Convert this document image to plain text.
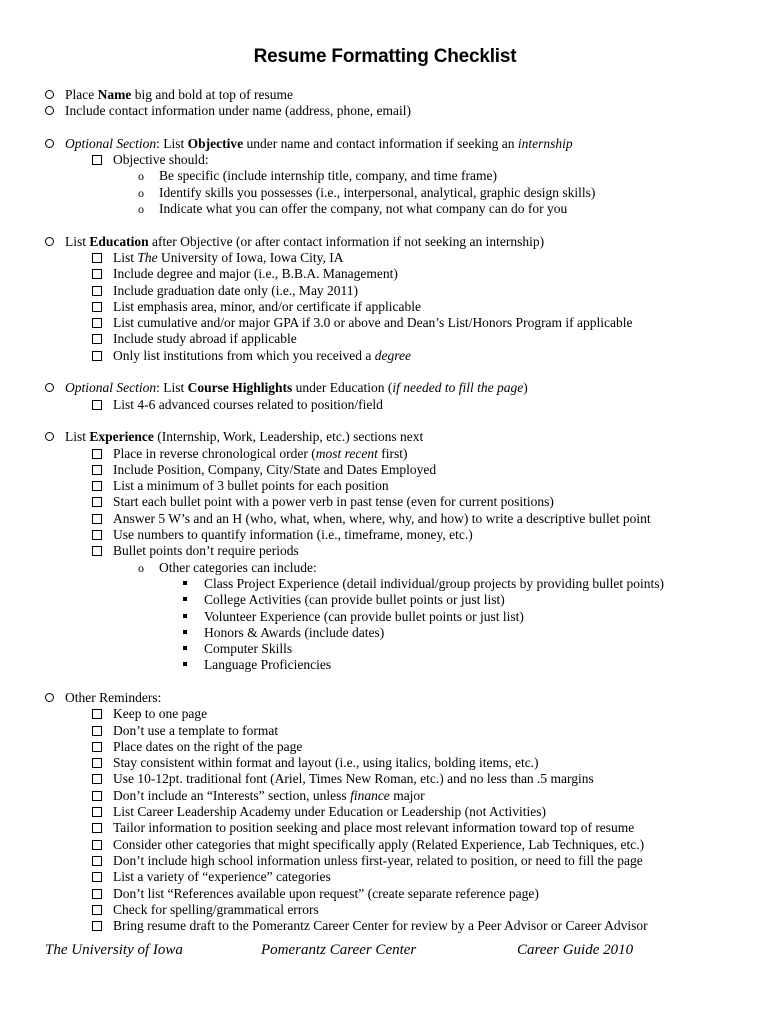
Resume Formatting Checklist
Place Name big and bold at top of resume
Include contact information under name (address, phone, email)
Optional Section: List Objective under name and contact information if seeking an internship
Objective should:
o Be specific (include internship title, company, and time frame)
o Identify skills you possesses (i.e., interpersonal, analytical, graphic design skills)
o Indicate what you can offer the company, not what company can do for you
List Education after Objective (or after contact information if not seeking an internship)
List The University of Iowa, Iowa City, IA
Include degree and major (i.e., B.B.A. Management)
Include graduation date only (i.e., May 2011)
List emphasis area, minor, and/or certificate if applicable
List cumulative and/or major GPA if 3.0 or above and Dean’s List/Honors Program if applicable
Include study abroad if applicable
Only list institutions from which you received a degree
Optional Section: List Course Highlights under Education (if needed to fill the page)
List 4-6 advanced courses related to position/field
List Experience (Internship, Work, Leadership, etc.) sections next
Place in reverse chronological order (most recent first)
Include Position, Company, City/State and Dates Employed
List a minimum of 3 bullet points for each position
Start each bullet point with a power verb in past tense (even for current positions)
Answer 5 W’s and an H (who, what, when, where, why, and how) to write a descriptive bullet point
Use numbers to quantify information (i.e., timeframe, money, etc.)
Bullet points don’t require periods
o Other categories can include:
Class Project Experience (detail individual/group projects by providing bullet points)
College Activities (can provide bullet points or just list)
Volunteer Experience (can provide bullet points or just list)
Honors & Awards (include dates)
Computer Skills
Language Proficiencies
Other Reminders:
Keep to one page
Don’t use a template to format
Place dates on the right of the page
Stay consistent within format and layout (i.e., using italics, bolding items, etc.)
Use 10-12pt. traditional font (Ariel, Times New Roman, etc.) and no less than .5 margins
Don’t include an “Interests” section, unless finance major
List Career Leadership Academy under Education or Leadership (not Activities)
Tailor information to position seeking and place most relevant information toward top of resume
Consider other categories that might specifically apply (Related Experience, Lab Techniques, etc.)
Don’t include high school information unless first-year, related to position, or need to fill the page
List a variety of “experience” categories
Don’t list “References available upon request” (create separate reference page)
Check for spelling/grammatical errors
Bring resume draft to the Pomerantz Career Center for review by a Peer Advisor or Career Advisor
The University of Iowa	Pomerantz Career Center	Career Guide 2010
